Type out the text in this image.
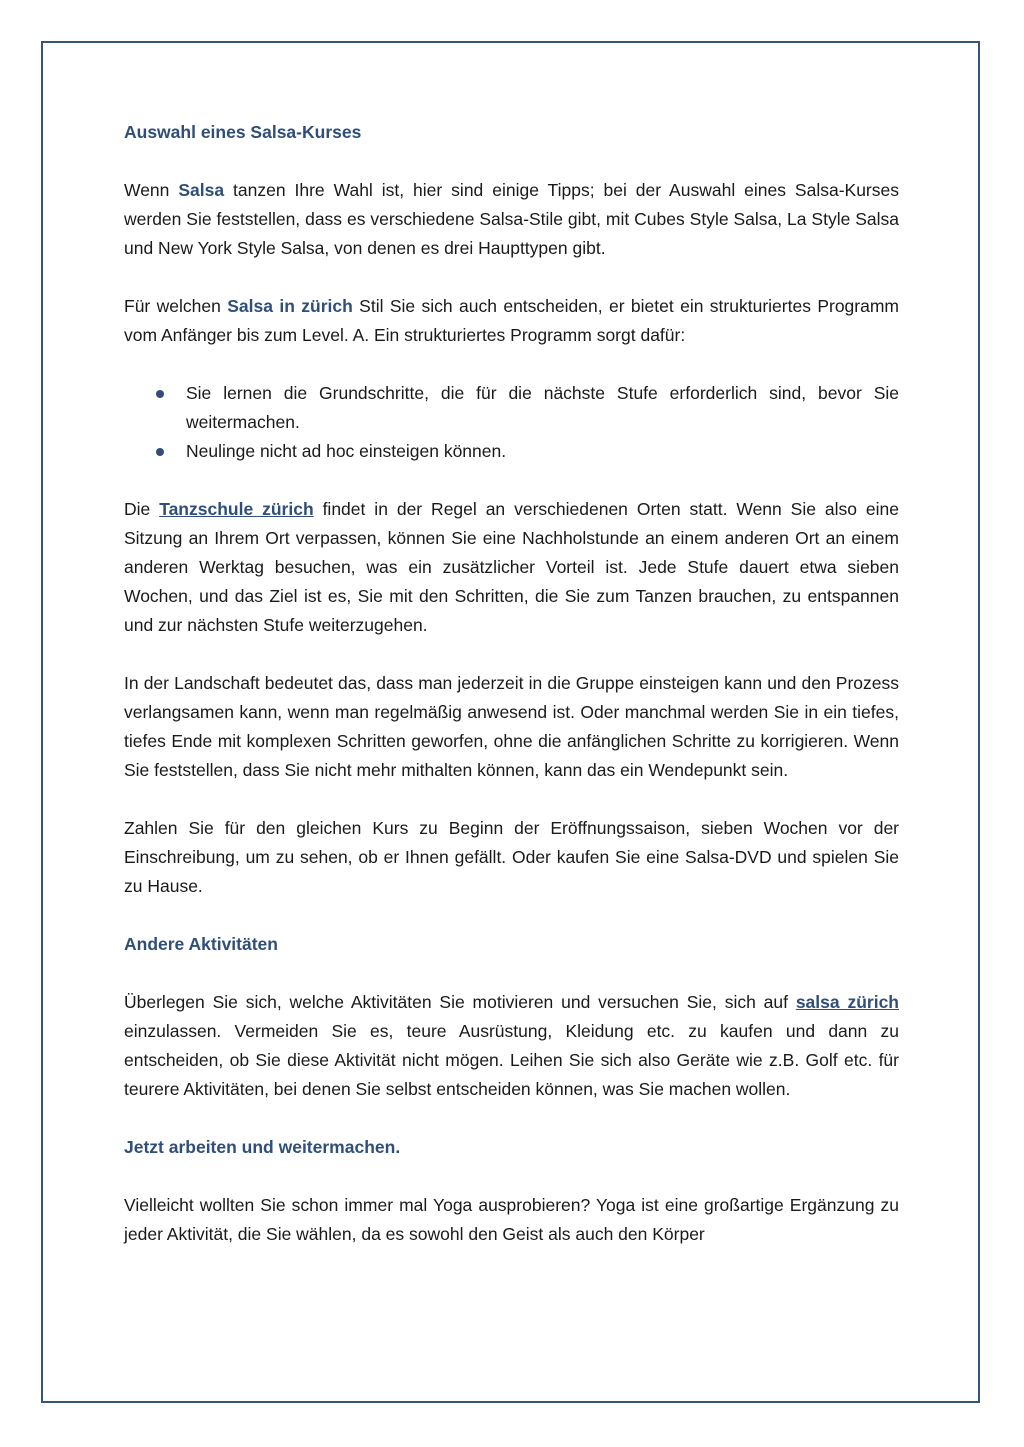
Auswahl eines Salsa-Kurses

Wenn Salsa tanzen Ihre Wahl ist, hier sind einige Tipps; bei der Auswahl eines Salsa-Kurses werden Sie feststellen, dass es verschiedene Salsa-Stile gibt, mit Cubes Style Salsa, La Style Salsa und New York Style Salsa, von denen es drei Haupttypen gibt.

Für welchen Salsa in zürich Stil Sie sich auch entscheiden, er bietet ein strukturiertes Programm vom Anfänger bis zum Level. A. Ein strukturiertes Programm sorgt dafür:

Sie lernen die Grundschritte, die für die nächste Stufe erforderlich sind, bevor Sie weitermachen.
Neulinge nicht ad hoc einsteigen können.

Die Tanzschule zürich findet in der Regel an verschiedenen Orten statt. Wenn Sie also eine Sitzung an Ihrem Ort verpassen, können Sie eine Nachholstunde an einem anderen Ort an einem anderen Werktag besuchen, was ein zusätzlicher Vorteil ist. Jede Stufe dauert etwa sieben Wochen, und das Ziel ist es, Sie mit den Schritten, die Sie zum Tanzen brauchen, zu entspannen und zur nächsten Stufe weiterzugehen.

In der Landschaft bedeutet das, dass man jederzeit in die Gruppe einsteigen kann und den Prozess verlangsamen kann, wenn man regelmäßig anwesend ist. Oder manchmal werden Sie in ein tiefes, tiefes Ende mit komplexen Schritten geworfen, ohne die anfänglichen Schritte zu korrigieren. Wenn Sie feststellen, dass Sie nicht mehr mithalten können, kann das ein Wendepunkt sein.

Zahlen Sie für den gleichen Kurs zu Beginn der Eröffnungssaison, sieben Wochen vor der Einschreibung, um zu sehen, ob er Ihnen gefällt. Oder kaufen Sie eine Salsa-DVD und spielen Sie zu Hause.

Andere Aktivitäten

Überlegen Sie sich, welche Aktivitäten Sie motivieren und versuchen Sie, sich auf salsa zürich einzulassen. Vermeiden Sie es, teure Ausrüstung, Kleidung etc. zu kaufen und dann zu entscheiden, ob Sie diese Aktivität nicht mögen. Leihen Sie sich also Geräte wie z.B. Golf etc. für teurere Aktivitäten, bei denen Sie selbst entscheiden können, was Sie machen wollen.

Jetzt arbeiten und weitermachen.

Vielleicht wollten Sie schon immer mal Yoga ausprobieren? Yoga ist eine großartige Ergänzung zu jeder Aktivität, die Sie wählen, da es sowohl den Geist als auch den Körper
